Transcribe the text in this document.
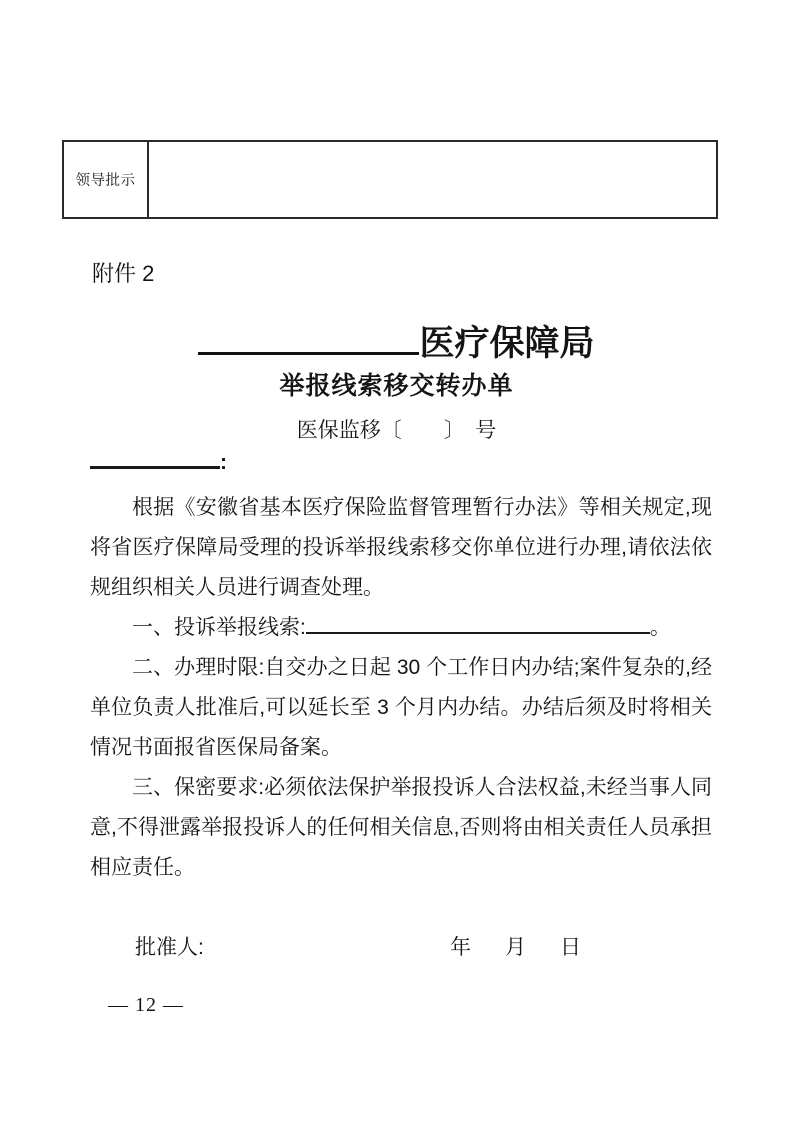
领导批示	
附件 2
医疗保障局
举报线索移交转办单
医保监移〔　　〕　号
:

根据《安徽省基本医疗保险监督管理暂行办法》等相关规定,现将省医疗保障局受理的投诉举报线索移交你单位进行办理,请依法依规组织相关人员进行调查处理。

一、投诉举报线索:	。

二、办理时限:自交办之日起 30 个工作日内办结;案件复杂的,经单位负责人批准后,可以延长至 3 个月内办结。办结后须及时将相关情况书面报省医保局备案。

三、保密要求:必须依法保护举报投诉人合法权益,未经当事人同意,不得泄露举报投诉人的任何相关信息,否则将由相关责任人员承担相应责任。

批准人:	年 月 日
— 12 —
